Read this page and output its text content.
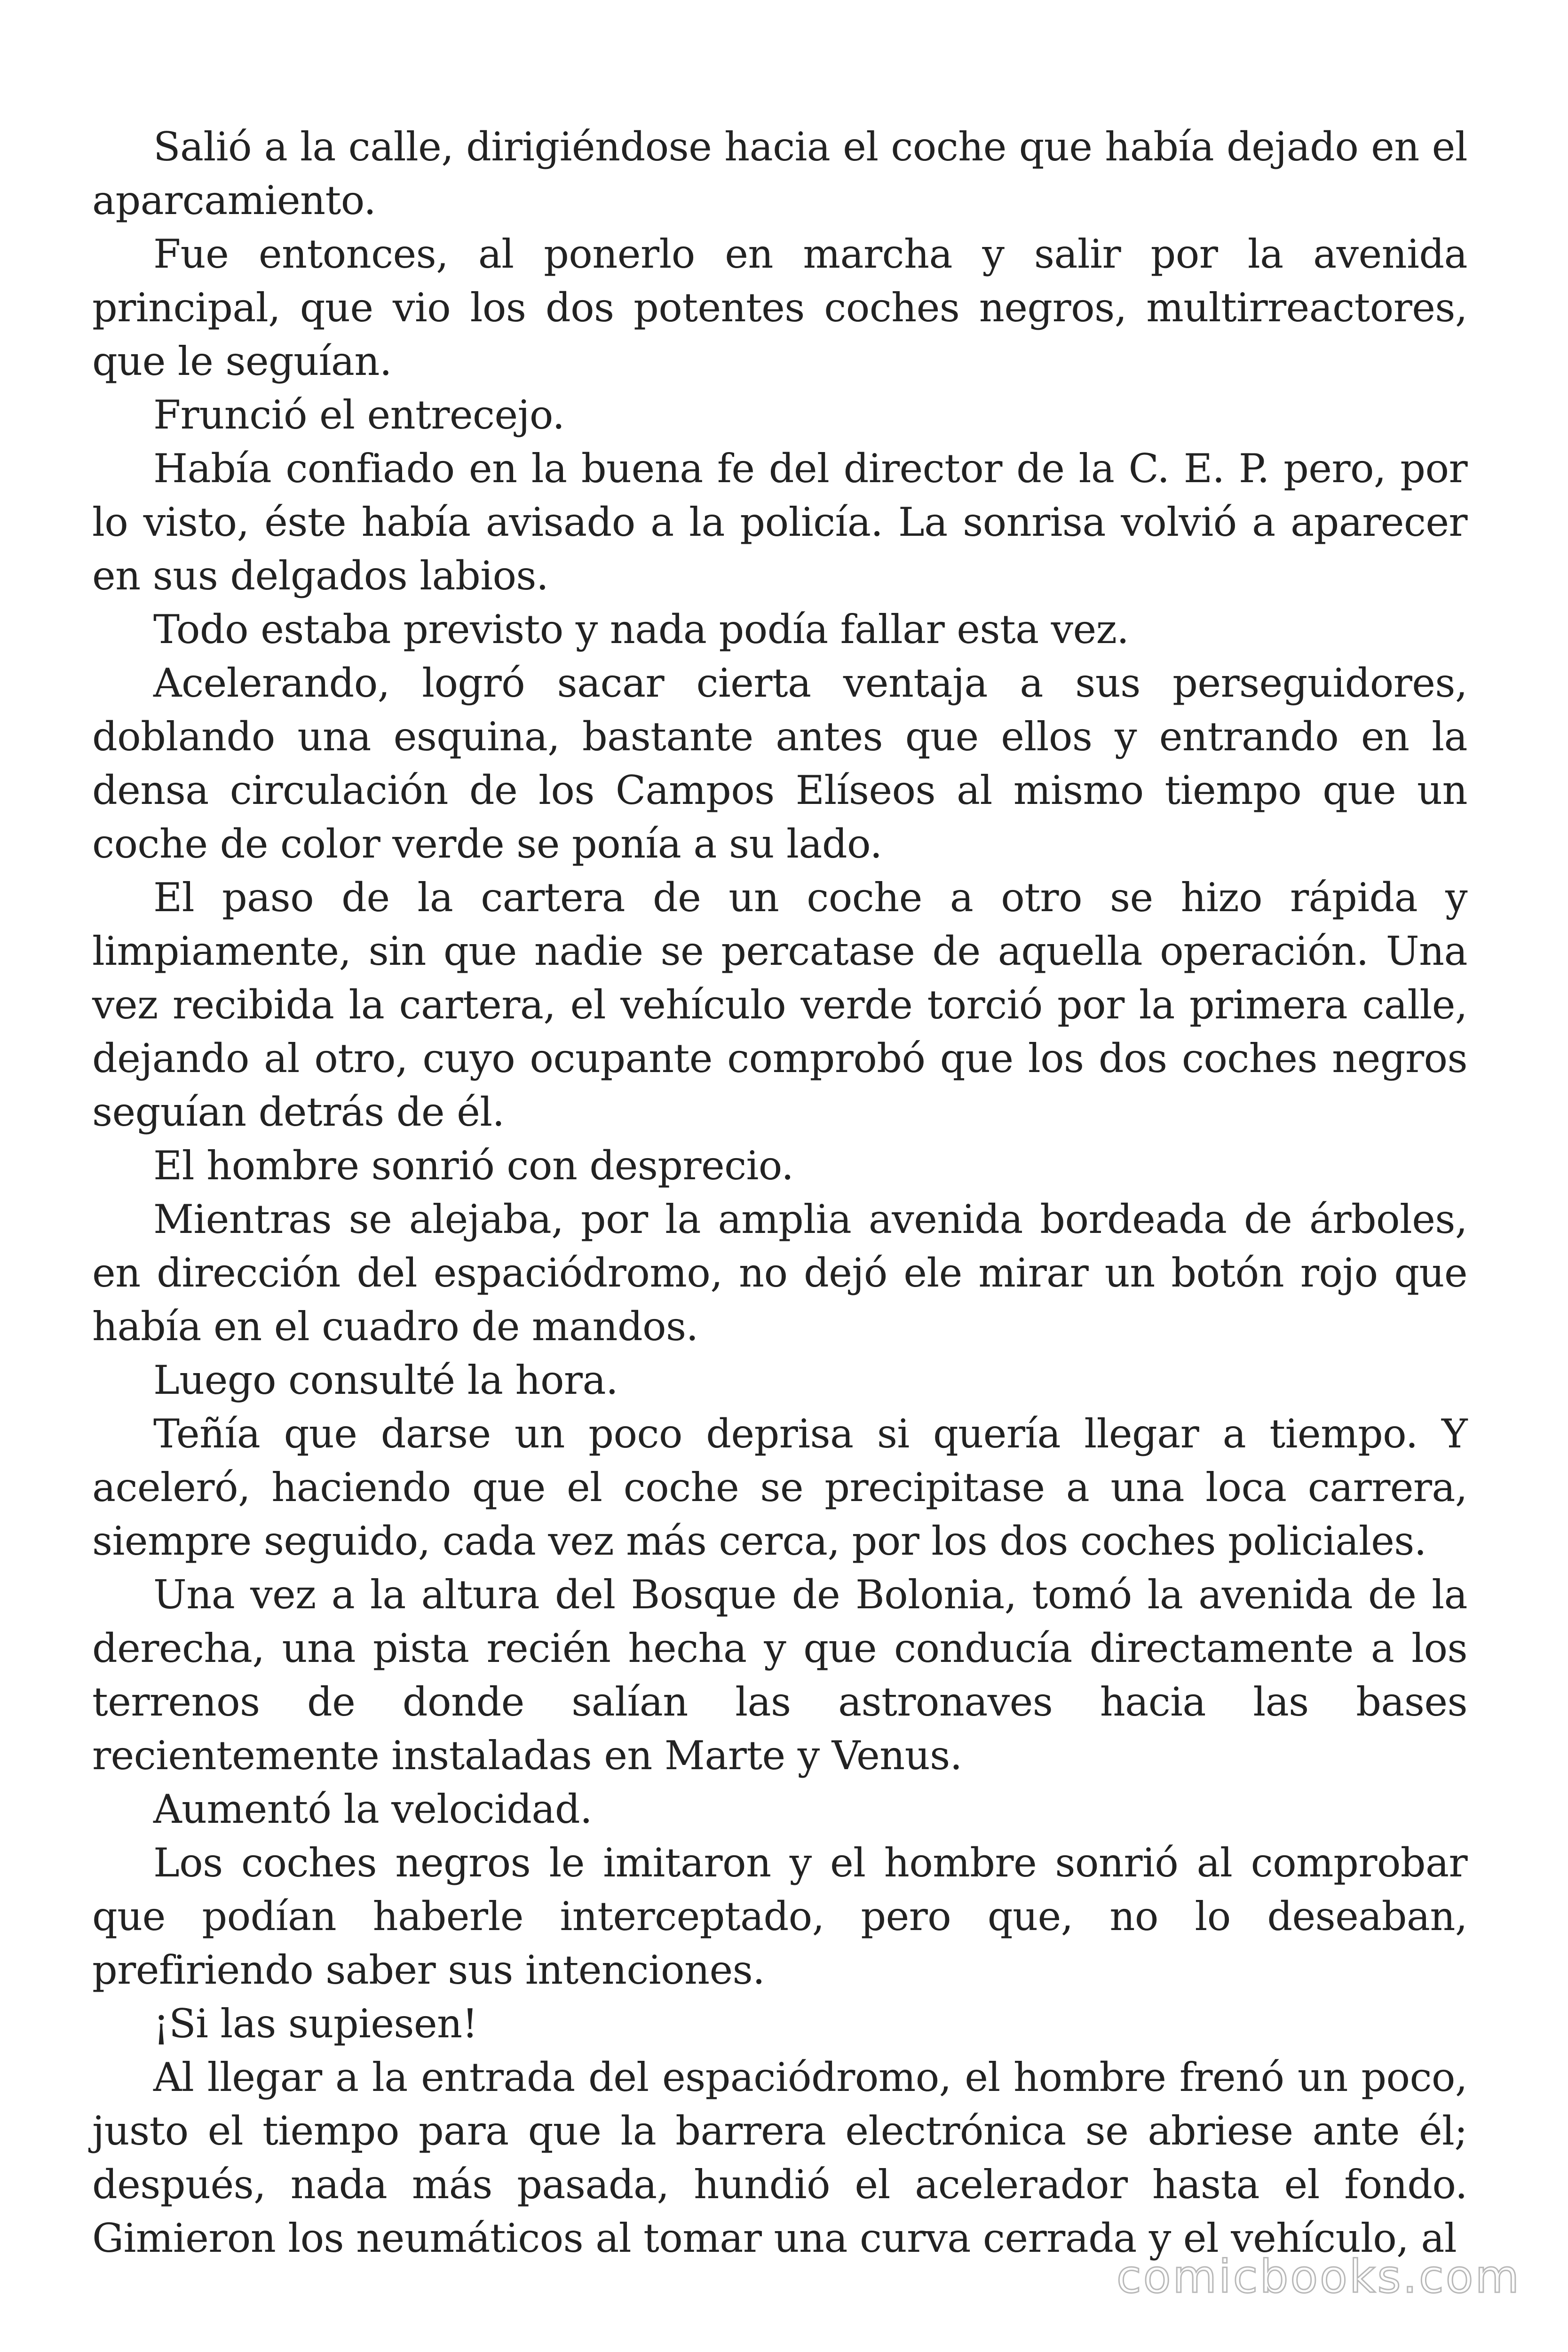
Salió a la calle, dirigiéndose hacia el coche que había dejado en el aparcamiento.

Fue entonces, al ponerlo en marcha y salir por la avenida principal, que vio los dos potentes coches negros, multirreactores, que le seguían.

Frunció el entrecejo.

Había confiado en la buena fe del director de la C. E. P. pero, por lo visto, éste había avisado a la policía. La sonrisa volvió a aparecer en sus delgados labios.

Todo estaba previsto y nada podía fallar esta vez.

Acelerando, logró sacar cierta ventaja a sus perseguidores, doblando una esquina, bastante antes que ellos y entrando en la densa circulación de los Campos Elíseos al mismo tiempo que un coche de color verde se ponía a su lado.

El paso de la cartera de un coche a otro se hizo rápida y limpiamente, sin que nadie se percatase de aquella operación. Una vez recibida la cartera, el vehículo verde torció por la primera calle, dejando al otro, cuyo ocupante comprobó que los dos coches negros seguían detrás de él.

El hombre sonrió con desprecio.

Mientras se alejaba, por la amplia avenida bordeada de árboles, en dirección del espaciódromo, no dejó ele mirar un botón rojo que había en el cuadro de mandos.

Luego consulté la hora.

Teñía que darse un poco deprisa si quería llegar a tiempo. Y aceleró, haciendo que el coche se precipitase a una loca carrera, siempre seguido, cada vez más cerca, por los dos coches policiales.

Una vez a la altura del Bosque de Bolonia, tomó la avenida de la derecha, una pista recién hecha y que conducía directamente a los terrenos de donde salían las astronaves hacia las bases recientemente instaladas en Marte y Venus.

Aumentó la velocidad.

Los coches negros le imitaron y el hombre sonrió al comprobar que podían haberle interceptado, pero que, no lo deseaban, prefiriendo saber sus intenciones.

¡Si las supiesen!

Al llegar a la entrada del espaciódromo, el hombre frenó un poco, justo el tiempo para que la barrera electrónica se abriese ante él; después, nada más pasada, hundió el acelerador hasta el fondo. Gimieron los neumáticos al tomar una curva cerrada y el vehículo, al

comicbooks.com
